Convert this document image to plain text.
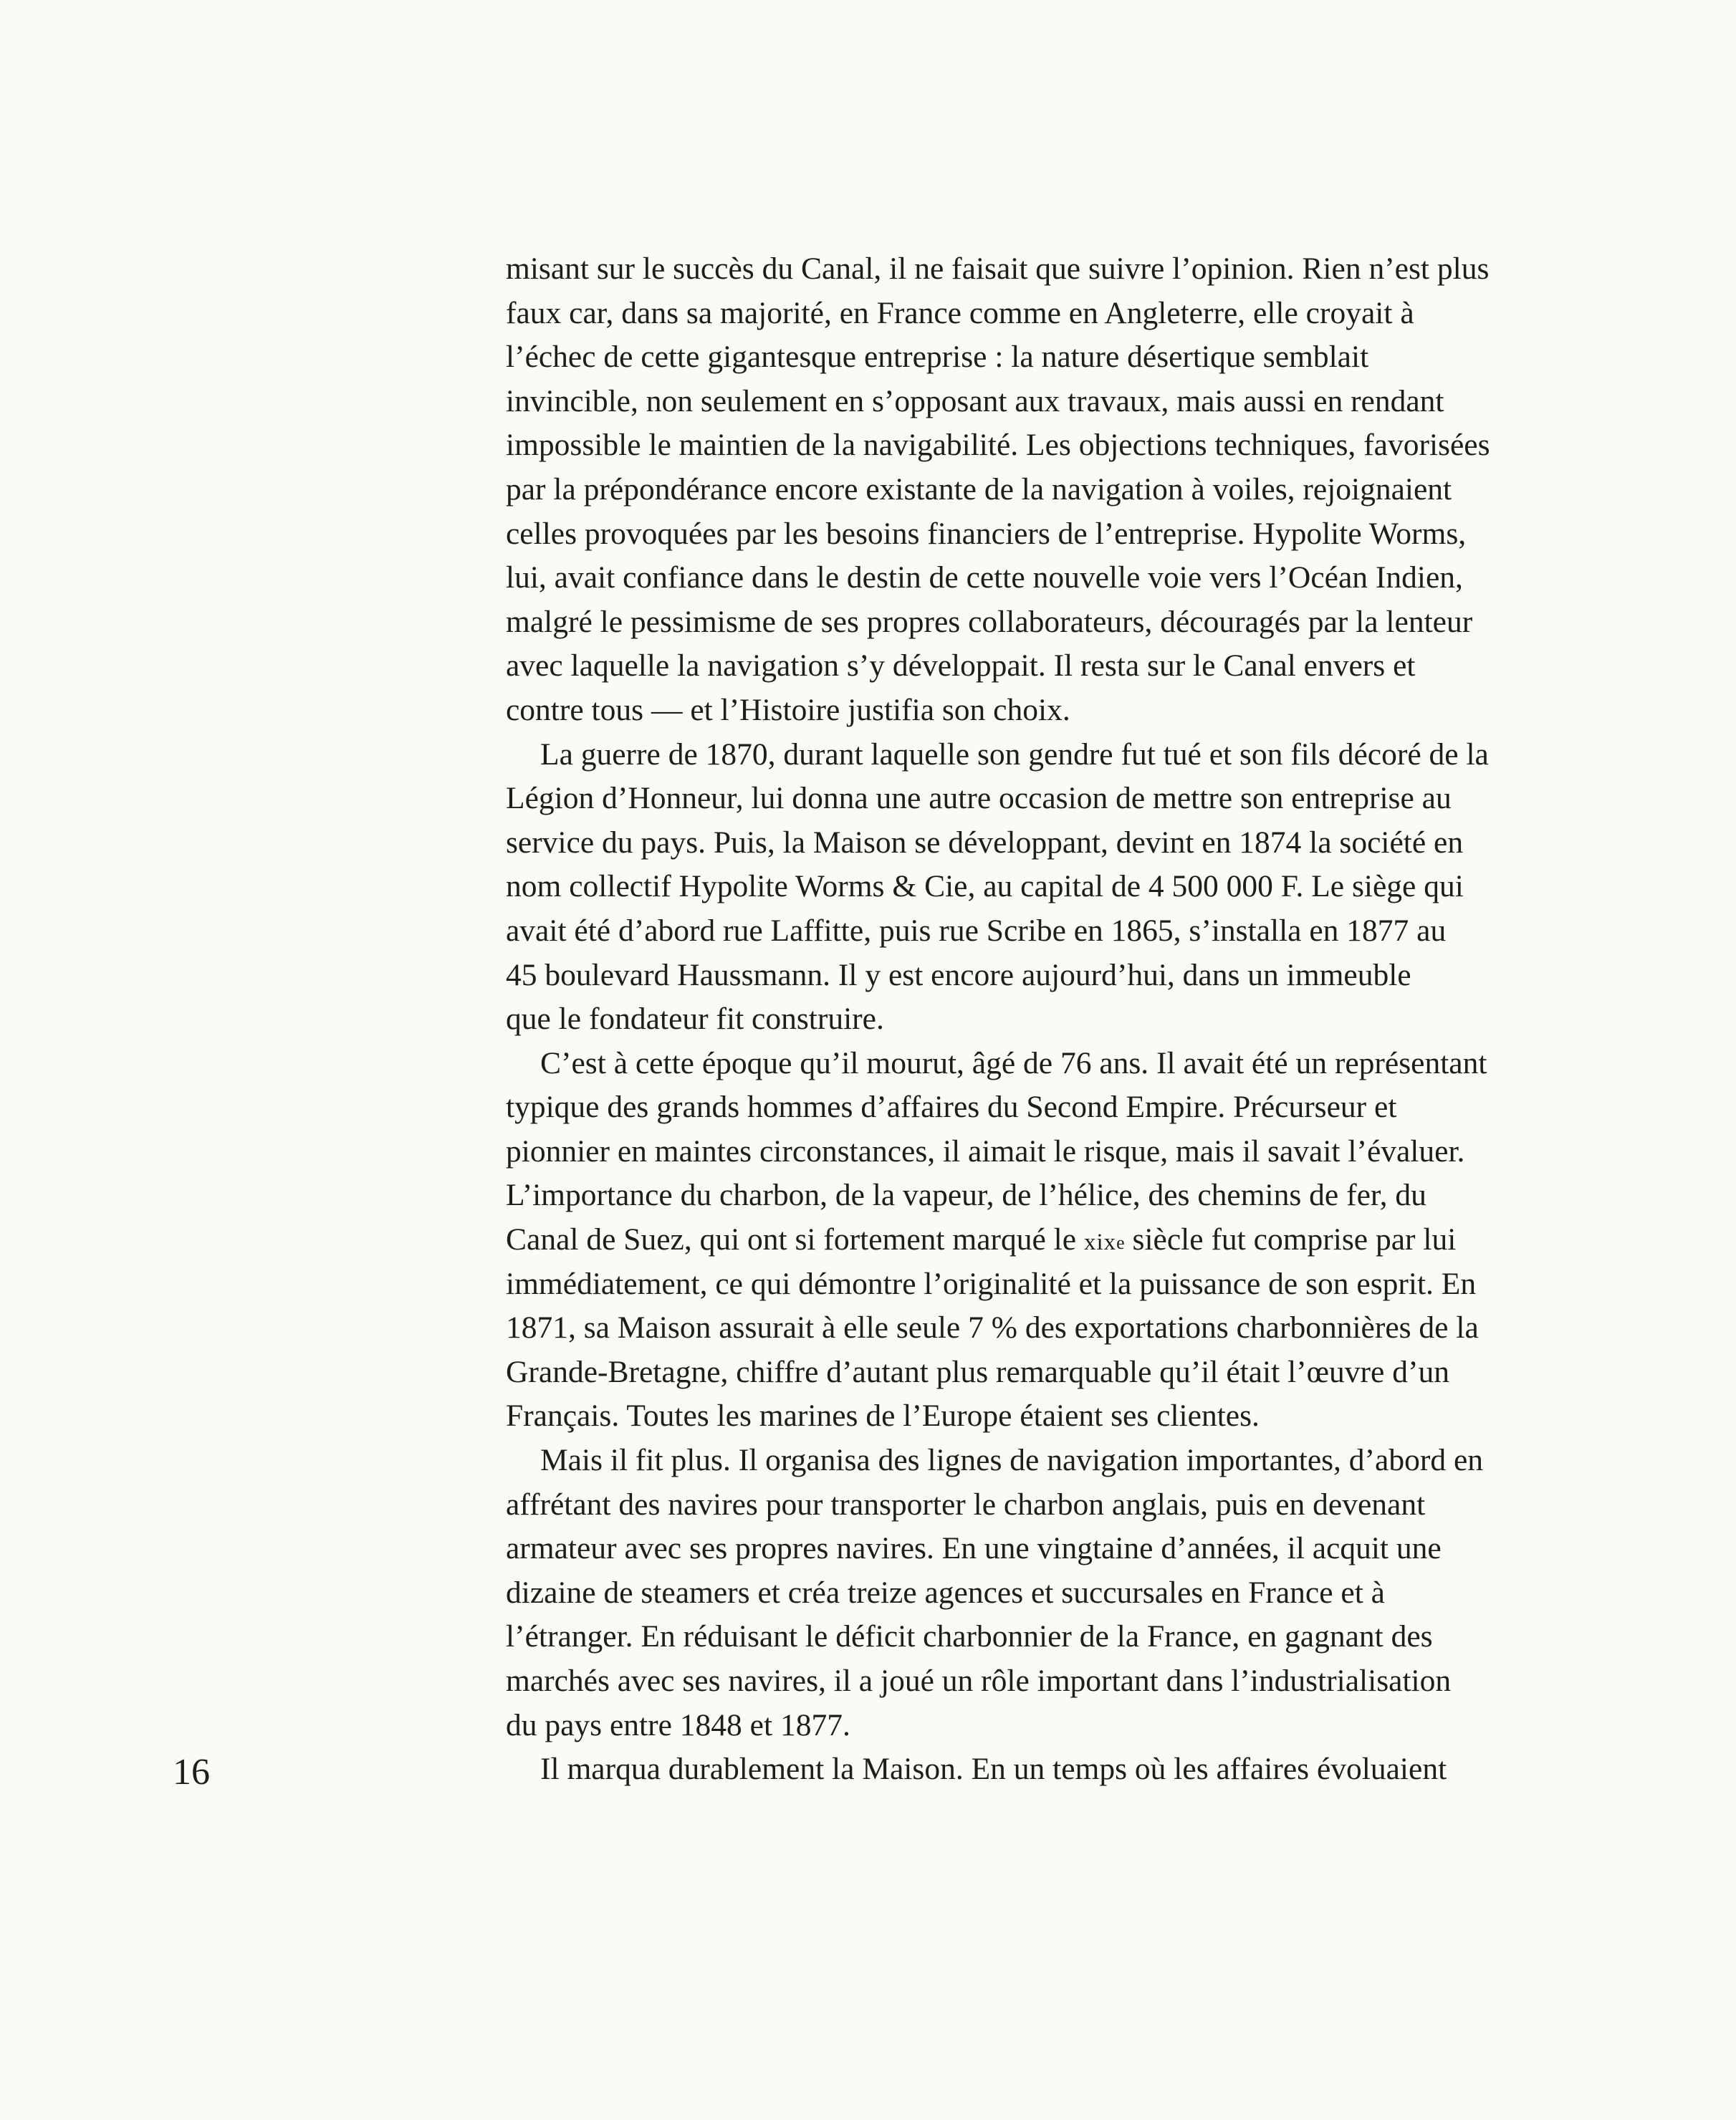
misant sur le succès du Canal, il ne faisait que suivre l’opinion. Rien n’est plus
faux car, dans sa majorité, en France comme en Angleterre, elle croyait à
l’échec de cette gigantesque entreprise : la nature désertique semblait
invincible, non seulement en s’opposant aux travaux, mais aussi en rendant
impossible le maintien de la navigabilité. Les objections techniques, favorisées
par la prépondérance encore existante de la navigation à voiles, rejoignaient
celles provoquées par les besoins financiers de l’entreprise. Hypolite Worms,
lui, avait confiance dans le destin de cette nouvelle voie vers l’Océan Indien,
malgré le pessimisme de ses propres collaborateurs, découragés par la lenteur
avec laquelle la navigation s’y développait. Il resta sur le Canal envers et
contre tous — et l’Histoire justifia son choix.
La guerre de 1870, durant laquelle son gendre fut tué et son fils décoré de la
Légion d’Honneur, lui donna une autre occasion de mettre son entreprise au
service du pays. Puis, la Maison se développant, devint en 1874 la société en
nom collectif Hypolite Worms & Cie, au capital de 4 500 000 F. Le siège qui
avait été d’abord rue Laffitte, puis rue Scribe en 1865, s’installa en 1877 au
45 boulevard Haussmann. Il y est encore aujourd’hui, dans un immeuble
que le fondateur fit construire.
C’est à cette époque qu’il mourut, âgé de 76 ans. Il avait été un représentant
typique des grands hommes d’affaires du Second Empire. Précurseur et
pionnier en maintes circonstances, il aimait le risque, mais il savait l’évaluer.
L’importance du charbon, de la vapeur, de l’hélice, des chemins de fer, du
Canal de Suez, qui ont si fortement marqué le xix$^e$ siècle fut comprise par lui
immédiatement, ce qui démontre l’originalité et la puissance de son esprit. En
1871, sa Maison assurait à elle seule 7 % des exportations charbonnières de la
Grande-Bretagne, chiffre d’autant plus remarquable qu’il était l’œuvre d’un
Français. Toutes les marines de l’Europe étaient ses clientes.
Mais il fit plus. Il organisa des lignes de navigation importantes, d’abord en
affrétant des navires pour transporter le charbon anglais, puis en devenant
armateur avec ses propres navires. En une vingtaine d’années, il acquit une
dizaine de steamers et créa treize agences et succursales en France et à
l’étranger. En réduisant le déficit charbonnier de la France, en gagnant des
marchés avec ses navires, il a joué un rôle important dans l’industrialisation
du pays entre 1848 et 1877.
Il marqua durablement la Maison. En un temps où les affaires évoluaient
16
